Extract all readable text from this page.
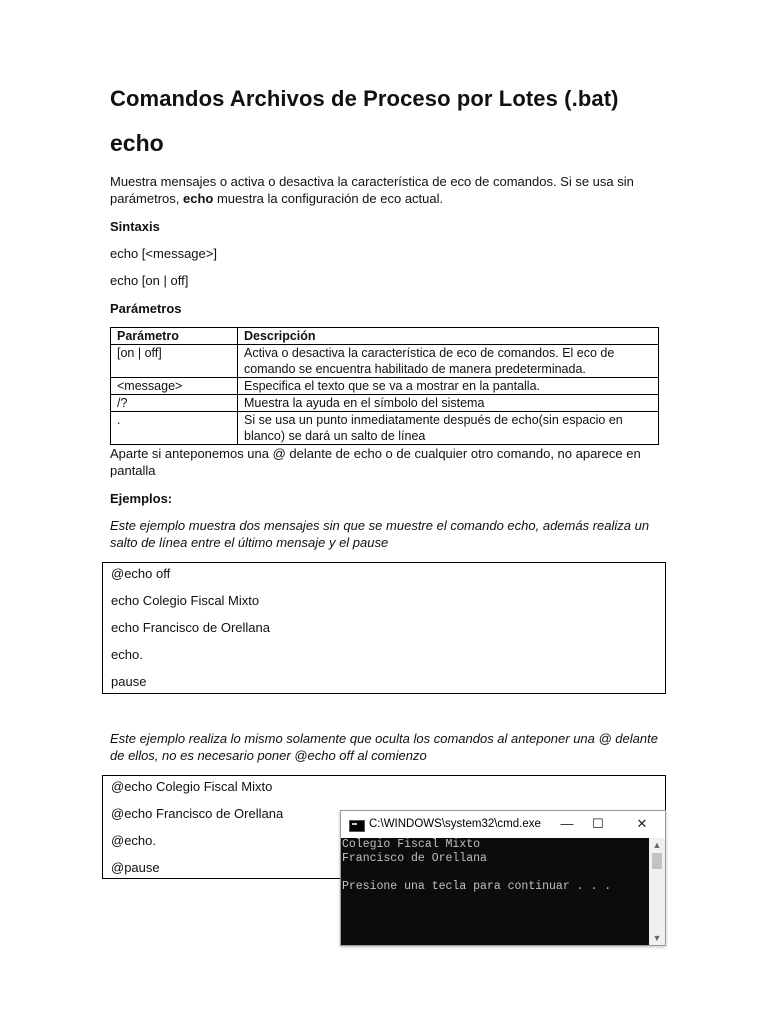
Comandos Archivos de Proceso por Lotes (.bat)
echo
Muestra mensajes o activa o desactiva la característica de eco de comandos. Si se usa sin
parámetros, echo muestra la configuración de eco actual.
Sintaxis
echo [<message>]
echo [on | off]
Parámetros
Parámetro	Descripción
[on | off]	Activa o desactiva la característica de eco de comandos. El eco de comando se encuentra habilitado de manera predeterminada.
<message>	Especifica el texto que se va a mostrar en la pantalla.
/?	Muestra la ayuda en el símbolo del sistema
.	Si se usa un punto inmediatamente después de echo(sin espacio en blanco) se dará un salto de línea
Aparte si anteponemos una @ delante de echo o de cualquier otro comando, no aparece en
pantalla
Ejemplos:
Este ejemplo muestra dos mensajes sin que se muestre el comando echo, además realiza un
salto de línea entre el último mensaje y el pause
@echo off
echo Colegio Fiscal Mixto
echo Francisco de Orellana
echo.
pause
Este ejemplo realiza lo mismo solamente que oculta los comandos al anteponer una @ delante
de ellos, no es necesario poner @echo off al comienzo
@echo Colegio Fiscal Mixto
@echo Francisco de Orellana
@echo.
@pause
C:\WINDOWS\system32\cmd.exe	—	☐	✕
Colegio Fiscal Mixto
Francisco de Orellana
Presione una tecla para continuar . . .
▲
▼
